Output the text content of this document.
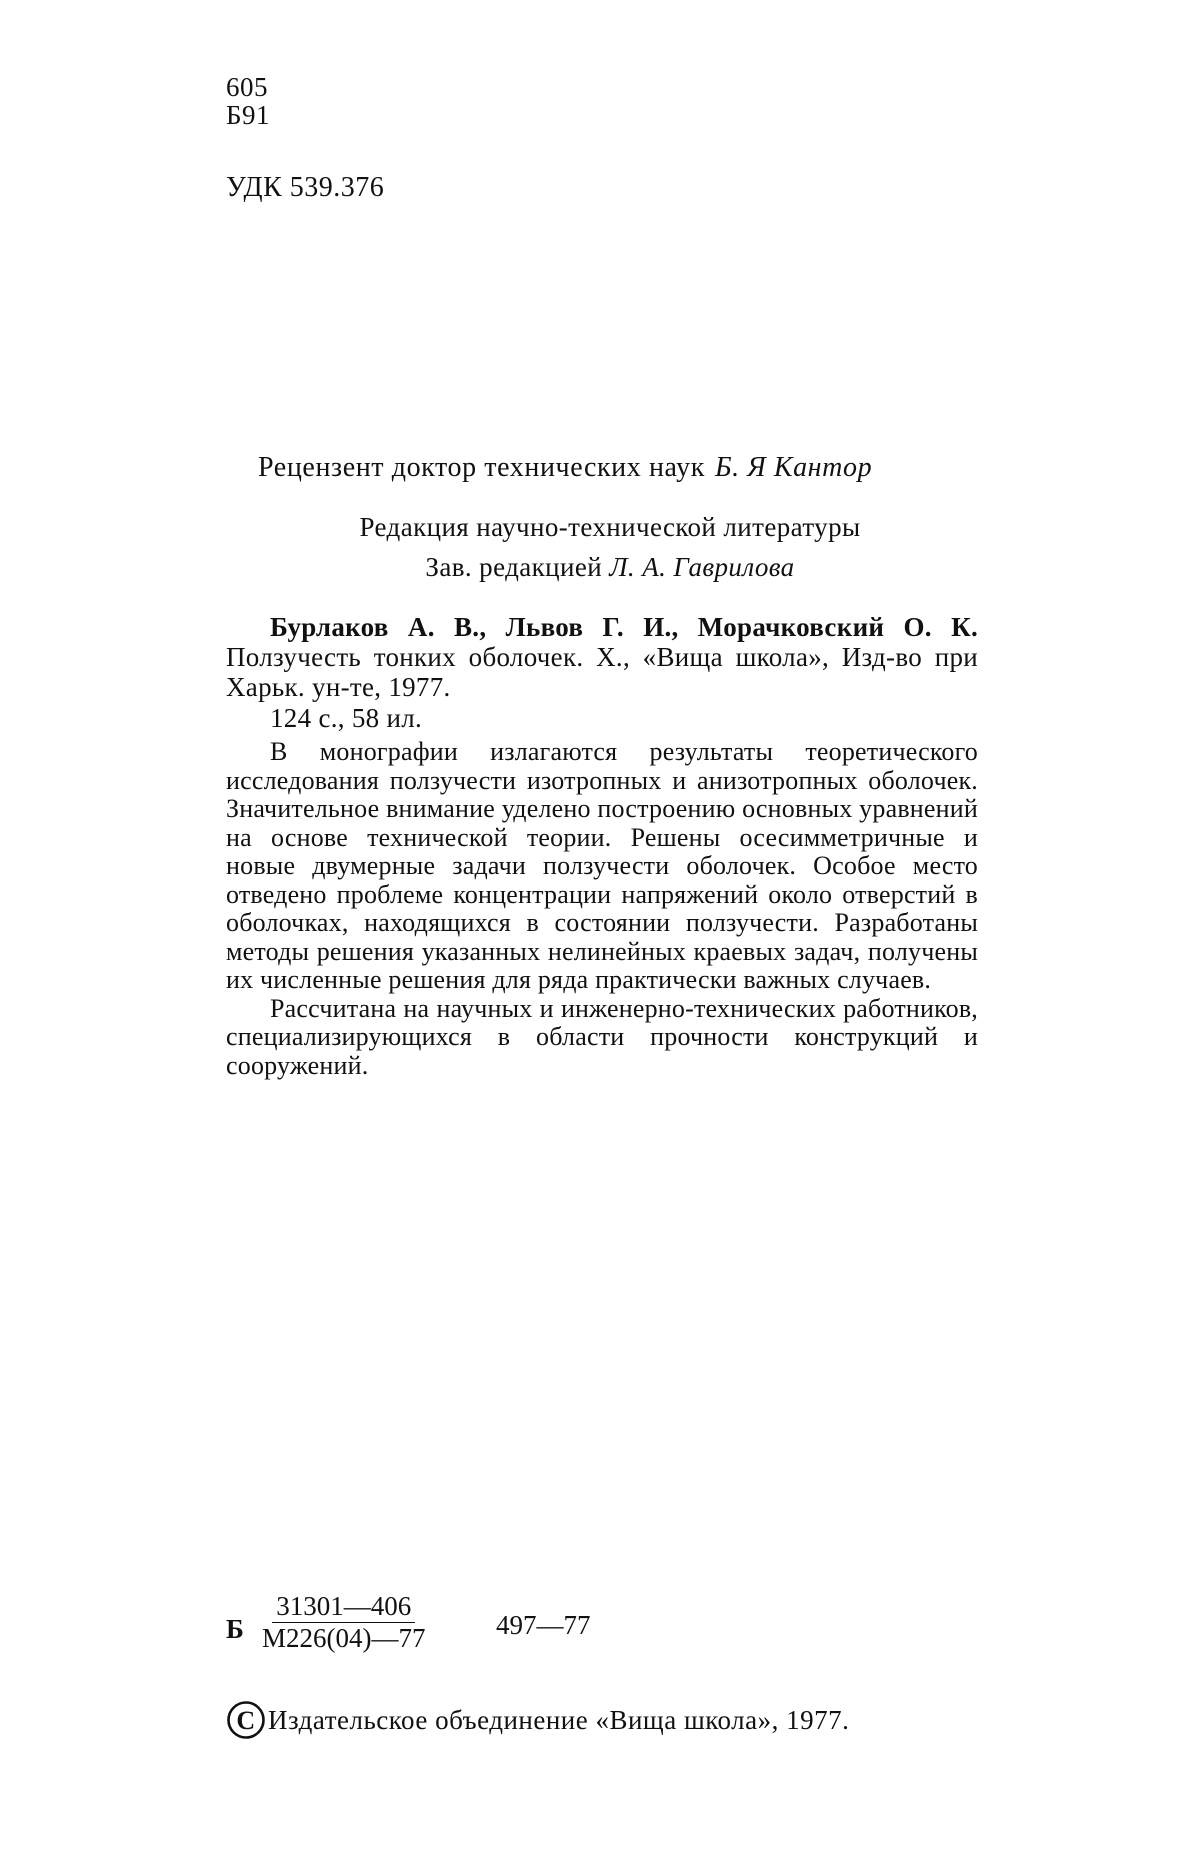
605
Б91
УДК 539.376
Рецензент доктор технических наук Б. Я Кантор
Редакция научно-технической литературы
Зав. редакцией Л. А. Гаврилова
Бурлаков А. В., Львов Г. И., Морачковский О. К. Ползучесть тонких оболочек. Х., «Вища школа», Изд-во при Харьк. ун-те, 1977.
124 с., 58 ил.

В монографии излагаются результаты теоретического исследования ползучести изотропных и анизотропных оболочек. Значительное внимание уделено построению основных уравнений на основе технической теории. Решены осесимметричные и новые двумерные задачи ползучести оболочек. Особое место отведено проблеме концентрации напряжений около отверстий в оболочках, находящихся в состоянии ползучести. Разработаны методы решения указанных нелинейных краевых задач, получены их численные решения для ряда практически важных случаев.

Рассчитана на научных и инженерно-технических работников, специализирующихся в области прочности конструкций и сооружений.

Б
31301—406
М226(04)—77	497—77
C Издательское объединение «Вища школа», 1977.
